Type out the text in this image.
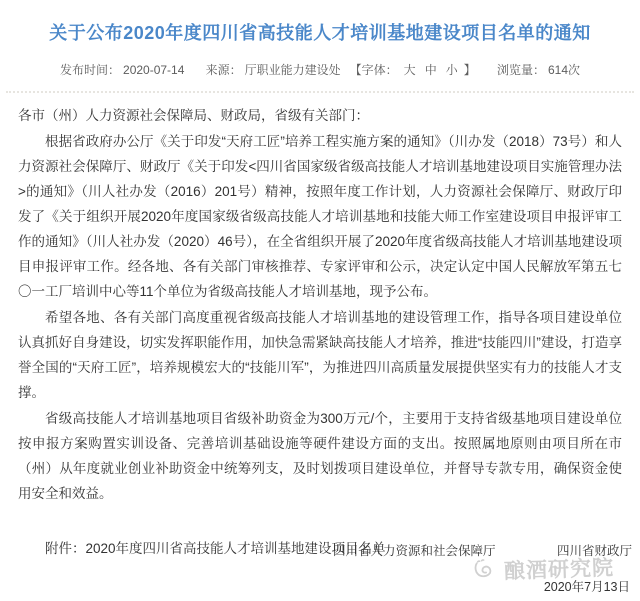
关于公布2020年度四川省高技能人才培训基地建设项目名单的通知
发布时间： 2020-07-14 来源： 厅职业能力建设处 【字体： 大 中 小 】 浏览量： 614次

各市（州）人力资源社会保障局、财政局，省级有关部门：

根据省政府办公厅《关于印发“天府工匠”培养工程实施方案的通知》（川办发（2018）73号）和人力资源社会保障厅、财政厅《关于印发<四川省国家级省级高技能人才培训基地建设项目实施管理办法>的通知》（川人社办发（2016）201号）精神，按照年度工作计划，人力资源社会保障厅、财政厅印发了《关于组织开展2020年度国家级省级高技能人才培训基地和技能大师工作室建设项目申报评审工作的通知》（川人社办发（2020）46号），在全省组织开展了2020年度省级高技能人才培训基地建设项目申报评审工作。经各地、各有关部门审核推荐、专家评审和公示，决定认定中国人民解放军第五七〇一工厂培训中心等11个单位为省级高技能人才培训基地，现予公布。

希望各地、各有关部门高度重视省级高技能人才培训基地的建设管理工作，指导各项目建设单位认真抓好自身建设，切实发挥职能作用，加快急需紧缺高技能人才培养，推进“技能四川”建设，打造享誉全国的“天府工匠”，培养规模宏大的“技能川军”，为推进四川高质量发展提供坚实有力的技能人才支撑。

省级高技能人才培训基地项目省级补助资金为300万元/个，主要用于支持省级基地项目建设单位按申报方案购置实训设备、完善培训基础设施等硬件建设方面的支出。按照属地原则由项目所在市（州）从年度就业创业补助资金中统筹列支，及时划拨项目建设单位，并督导专款专用，确保资金使用安全和效益。

附件：2020年度四川省高技能人才培训基地建设项目名单

四川省人力资源和社会保障厅	四川省财政厅
酿酒研究院
2020年7月13日
